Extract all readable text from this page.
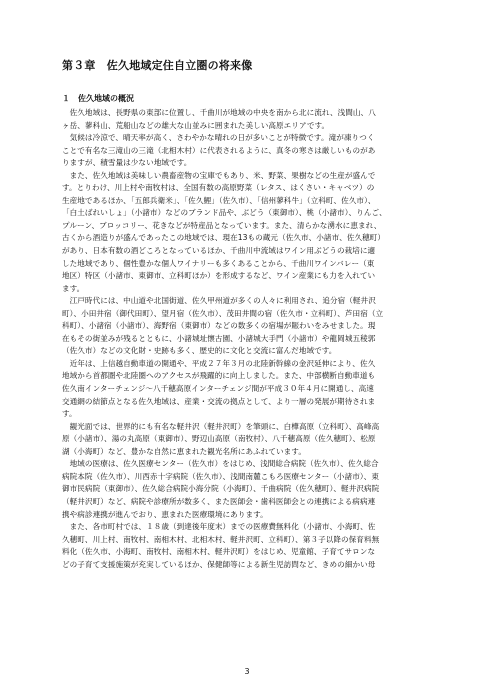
第３章　佐久地域定住自立圏の将来像
１　佐久地域の概況
　佐久地域は、長野県の東部に位置し、千曲川が地域の中央を南から北に流れ、浅間山、八
ヶ岳、蓼科山、荒船山などの雄大な山並みに囲まれた美しい高原エリアです。
　気候は冷涼で、晴天率が高く、さわやかな晴れの日が多いことが特徴です。滝が凍りつく
ことで有名な三滝山の三滝（北相木村）に代表されるように、真冬の寒さは厳しいものがあ
りますが、積雪量は少ない地域です。
　また、佐久地域は美味しい農畜産物の宝庫でもあり、米、野菜、果樹などの生産が盛んで
す。とりわけ、川上村や南牧村は、全国有数の高原野菜（レタス、はくさい・キャベツ）の
生産地であるほか、「五郎兵衛米」、「佐久鯉」（佐久市）、「信州蓼科牛」（立科町、佐久市）、
「白土ばれいしょ」（小諸市）などのブランド品や、ぶどう（東御市）、桃（小諸市）、りんご、
プルーン、ブロッコリー、花きなどが特産品となっています。また、清らかな湧水に恵まれ、
古くから酒造りが盛んであったこの地域では、現在13もの蔵元（佐久市、小諸市、佐久穂町）
があり、日本有数の酒どころとなっているほか、千曲川中流域はワイン用ぶどうの栽培に適
した地域であり、個性豊かな個人ワイナリーも多くあることから、千曲川ワインバレー（東
地区）特区（小諸市、東御市、立科町ほか）を形成するなど、ワイン産業にも力を入れてい
ます。
　江戸時代には、中山道や北国街道、佐久甲州道が多くの人々に利用され、追分宿（軽井沢
町）、小田井宿（御代田町）、望月宿（佐久市）、茂田井間の宿（佐久市・立科町）、芦田宿（立
科町）、小諸宿（小諸市）、海野宿（東御市）などの数多くの宿場が賑わいをみせました。現
在もその街並みが残るとともに、小諸城址懐古園、小諸城大手門（小諸市）や龍岡城五稜郭
（佐久市）などの文化財・史跡も多く、歴史的に文化と交流に富んだ地域です。
　近年は、上信越自動車道の開通や、平成２７年３月の北陸新幹線の金沢延伸により、佐久
地域から首都圏や北陸圏へのアクセスが飛躍的に向上しました。また、中部横断自動車道も
佐久南インターチェンジ～八千穂高原インターチェンジ間が平成３０年４月に開通し、高速
交通網の結節点となる佐久地域は、産業・交流の拠点として、より一層の発展が期待されま
す。
　観光面では、世界的にも有名な軽井沢（軽井沢町）を筆頭に、白樺高原（立科町）、高峰高
原（小諸市）、湯の丸高原（東御市）、野辺山高原（南牧村）、八千穂高原（佐久穂町）、松原
湖（小海町）など、豊かな自然に恵まれた観光名所にあふれています。
　地域の医療は、佐久医療センター（佐久市）をはじめ、浅間総合病院（佐久市）、佐久総合
病院本院（佐久市）、川西赤十字病院（佐久市）、浅間南麓こもろ医療センター（小諸市）、東
御市民病院（東御市）、佐久総合病院小海分院（小海町）、千曲病院（佐久穂町）、軽井沢病院
（軽井沢町）など、病院や診療所が数多く、また医師会・歯科医師会との連携による病病連
携や病診連携が進んでおり、恵まれた医療環境にあります。
　また、各市町村では、１８歳（到達後年度末）までの医療費無料化（小諸市、小海町、佐
久穂町、川上村、南牧村、南相木村、北相木村、軽井沢町、立科町）、第３子以降の保育料無
料化（佐久市、小海町、南牧村、南相木村、軽井沢町）をはじめ、児童館、子育てサロンな
どの子育て支援施策が充実しているほか、保健師等による新生児訪問など、きめの細かい母
3
